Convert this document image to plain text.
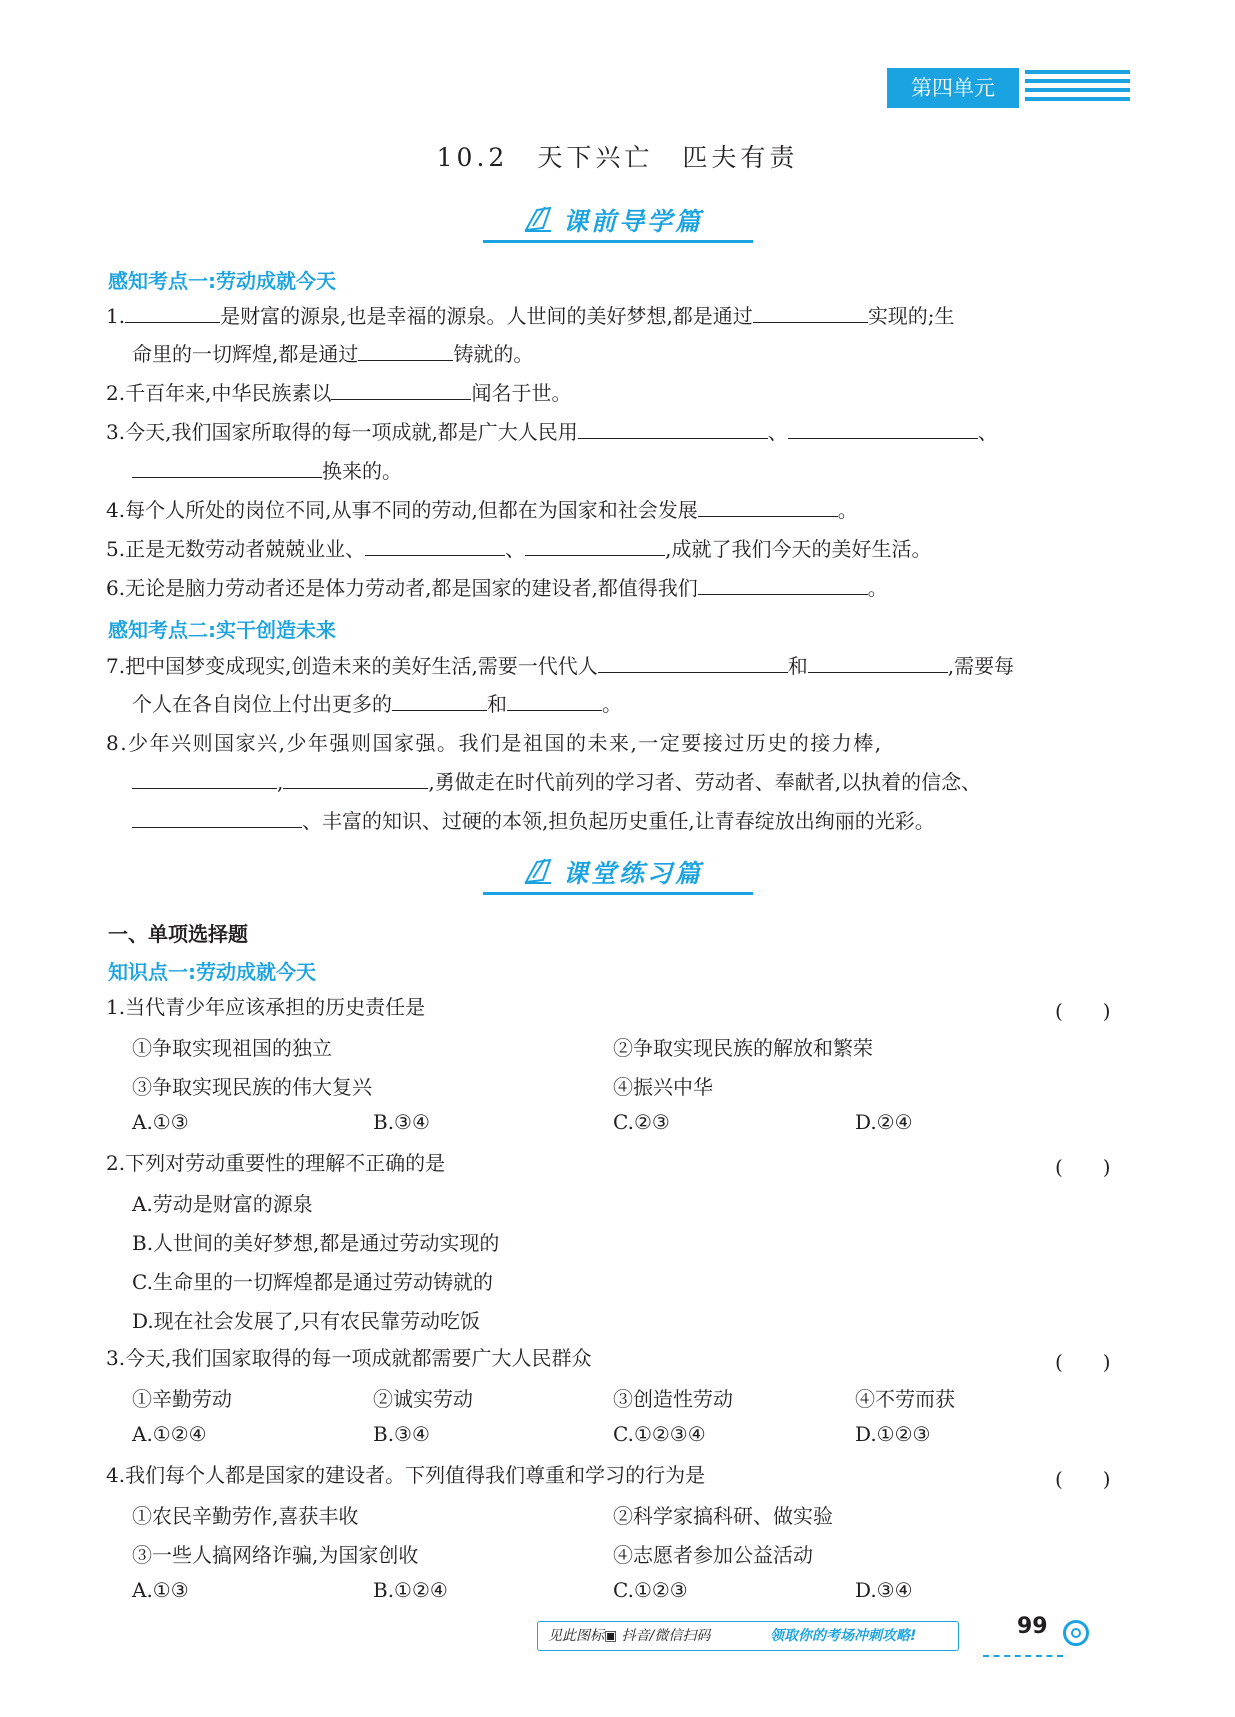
第四单元
10.2　天下兴亡　匹夫有责
课前导学篇
感知考点一:劳动成就今天
1.	是财富的源泉,也是幸福的源泉。人世间的美好梦想,都是通过	实现的;生
命里的一切辉煌,都是通过	铸就的。
2.千百年来,中华民族素以	闻名于世。
3.今天,我们国家所取得的每一项成就,都是广大人民用	、	、
换来的。
4.每个人所处的岗位不同,从事不同的劳动,但都在为国家和社会发展	。
5.正是无数劳动者兢兢业业、	、	,成就了我们今天的美好生活。
6.无论是脑力劳动者还是体力劳动者,都是国家的建设者,都值得我们	。
感知考点二:实干创造未来
7.把中国梦变成现实,创造未来的美好生活,需要一代代人	和	,需要每
个人在各自岗位上付出更多的	和	。
8.少年兴则国家兴,少年强则国家强。我们是祖国的未来,一定要接过历史的接力棒,
,	,勇做走在时代前列的学习者、劳动者、奉献者,以执着的信念、
、丰富的知识、过硬的本领,担负起历史重任,让青春绽放出绚丽的光彩。
课堂练习篇
一、单项选择题
知识点一:劳动成就今天
1.当代青少年应该承担的历史责任是	(　　)
①争取实现祖国的独立	②争取实现民族的解放和繁荣
③争取实现民族的伟大复兴	④振兴中华
A.①③	B.③④	C.②③	D.②④
2.下列对劳动重要性的理解不正确的是	(　　)
A.劳动是财富的源泉
B.人世间的美好梦想,都是通过劳动实现的
C.生命里的一切辉煌都是通过劳动铸就的
D.现在社会发展了,只有农民靠劳动吃饭
3.今天,我们国家取得的每一项成就都需要广大人民群众	(　　)
①辛勤劳动	②诚实劳动	③创造性劳动	④不劳而获
A.①②④	B.③④	C.①②③④	D.①②③
4.我们每个人都是国家的建设者。下列值得我们尊重和学习的行为是	(　　)
①农民辛勤劳作,喜获丰收	②科学家搞科研、做实验
③一些人搞网络诈骗,为国家创收	④志愿者参加公益活动
A.①③	B.①②④	C.①②③	D.③④
见此图标▣ 抖音/微信扫码	领取你的考场冲刺攻略!	99
